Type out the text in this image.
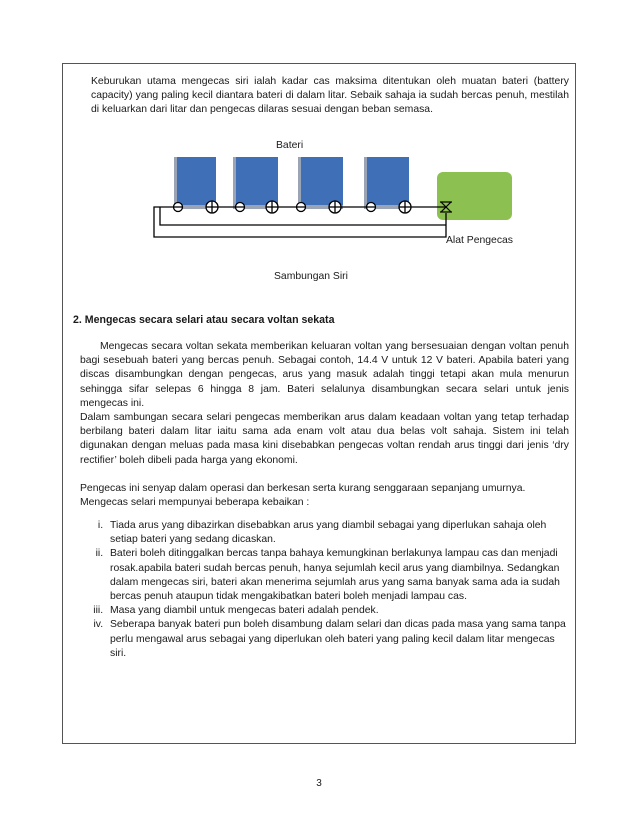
Keburukan utama mengecas siri ialah kadar cas maksima ditentukan oleh muatan bateri (battery capacity) yang paling kecil diantara bateri di dalam litar. Sebaik sahaja ia sudah bercas penuh, mestilah di keluarkan dari litar dan pengecas dilaras sesuai dengan beban semasa.

Bateri
Alat Pengecas
Sambungan Siri
2. Mengecas secara selari atau secara voltan sekata

Mengecas secara voltan sekata memberikan keluaran voltan yang bersesuaian dengan voltan penuh bagi sesebuah bateri yang bercas penuh. Sebagai contoh, 14.4 V untuk 12 V bateri. Apabila bateri yang discas disambungkan dengan pengecas, arus yang masuk adalah tinggi tetapi akan mula menurun sehingga sifar selepas 6 hingga 8 jam. Bateri selalunya disambungkan secara selari untuk jenis mengecas ini.

Dalam sambungan secara selari pengecas memberikan arus dalam keadaan voltan yang tetap terhadap berbilang bateri dalam litar iaitu sama ada enam volt atau dua belas volt sahaja. Sistem ini telah digunakan dengan meluas pada masa kini disebabkan pengecas voltan rendah arus tinggi dari jenis ‘dry rectifier’ boleh dibeli pada harga yang ekonomi.

Pengecas ini senyap dalam operasi dan berkesan serta kurang senggaraan sepanjang umurnya. Mengecas selari mempunyai beberapa kebaikan :

i. Tiada arus yang dibazirkan disebabkan arus yang diambil sebagai yang diperlukan sahaja oleh setiap bateri yang sedang dicaskan.
ii. Bateri boleh ditinggalkan bercas tanpa bahaya kemungkinan berlakunya lampau cas dan menjadi rosak.apabila bateri sudah bercas penuh, hanya sejumlah kecil arus yang diambilnya. Sedangkan dalam mengecas siri, bateri akan menerima sejumlah arus yang sama banyak sama ada ia sudah bercas penuh ataupun tidak mengakibatkan bateri boleh menjadi lampau cas.
iii. Masa yang diambil untuk mengecas bateri adalah pendek.
iv. Seberapa banyak bateri pun boleh disambung dalam selari dan dicas pada masa yang sama tanpa perlu mengawal arus sebagai yang diperlukan oleh bateri yang paling kecil dalam litar mengecas siri.
3
